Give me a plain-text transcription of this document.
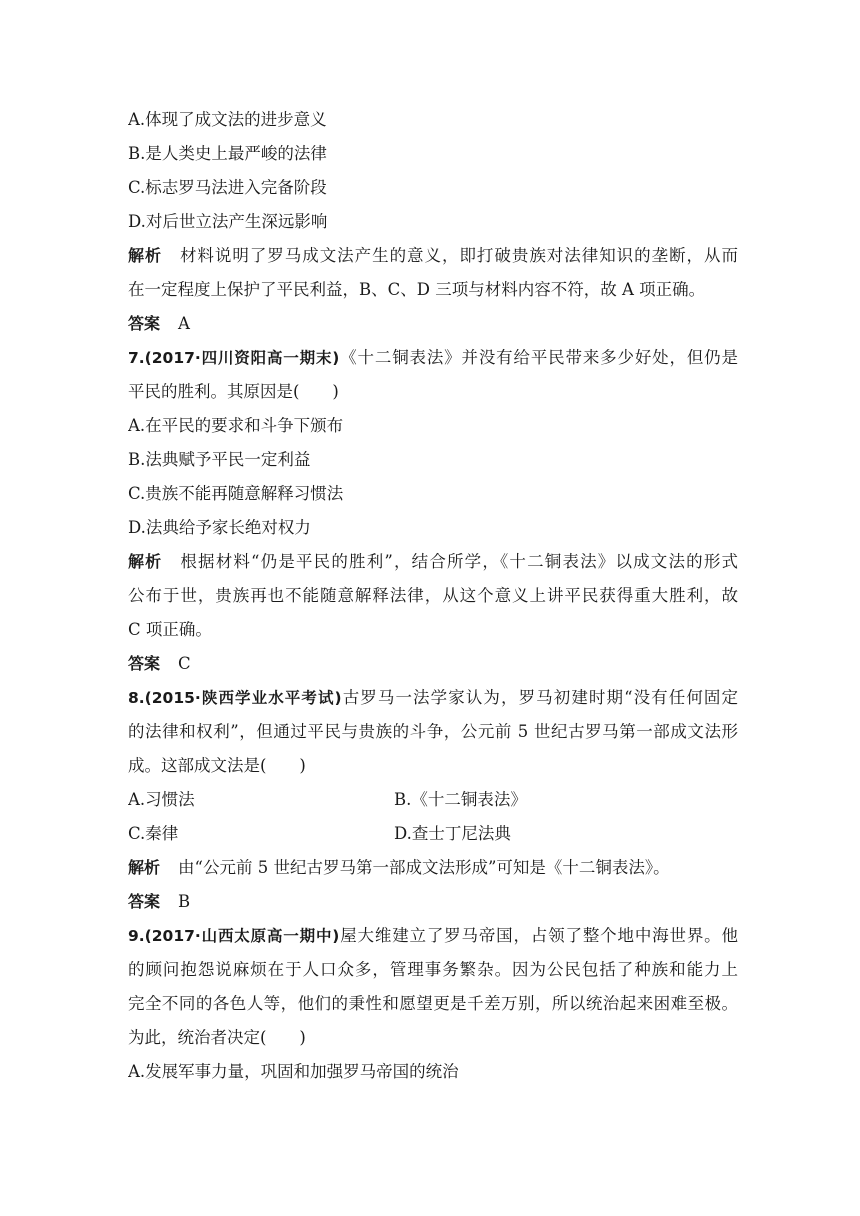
A.体现了成文法的进步意义
B.是人类史上最严峻的法律
C.标志罗马法进入完备阶段
D.对后世立法产生深远影响
解析 材料说明了罗马成文法产生的意义，即打破贵族对法律知识的垄断，从而
在一定程度上保护了平民利益，B、C、D 三项与材料内容不符，故 A 项正确。
答案 A
7.(2017·四川资阳高一期末)《十二铜表法》并没有给平民带来多少好处，但仍是
平民的胜利。其原因是(　　)
A.在平民的要求和斗争下颁布
B.法典赋予平民一定利益
C.贵族不能再随意解释习惯法
D.法典给予家长绝对权力
解析 根据材料“仍是平民的胜利”，结合所学，《十二铜表法》以成文法的形式
公布于世，贵族再也不能随意解释法律，从这个意义上讲平民获得重大胜利，故
C 项正确。
答案 C
8.(2015·陕西学业水平考试)古罗马一法学家认为，罗马初建时期“没有任何固定
的法律和权利”，但通过平民与贵族的斗争，公元前 5 世纪古罗马第一部成文法形
成。这部成文法是(　　)
A.习惯法	B.《十二铜表法》
C.秦律	D.查士丁尼法典
解析 由“公元前 5 世纪古罗马第一部成文法形成”可知是《十二铜表法》。
答案 B
9.(2017·山西太原高一期中)屋大维建立了罗马帝国，占领了整个地中海世界。他
的顾问抱怨说麻烦在于人口众多，管理事务繁杂。因为公民包括了种族和能力上
完全不同的各色人等，他们的秉性和愿望更是千差万别，所以统治起来困难至极。
为此，统治者决定(　　)
A.发展军事力量，巩固和加强罗马帝国的统治
